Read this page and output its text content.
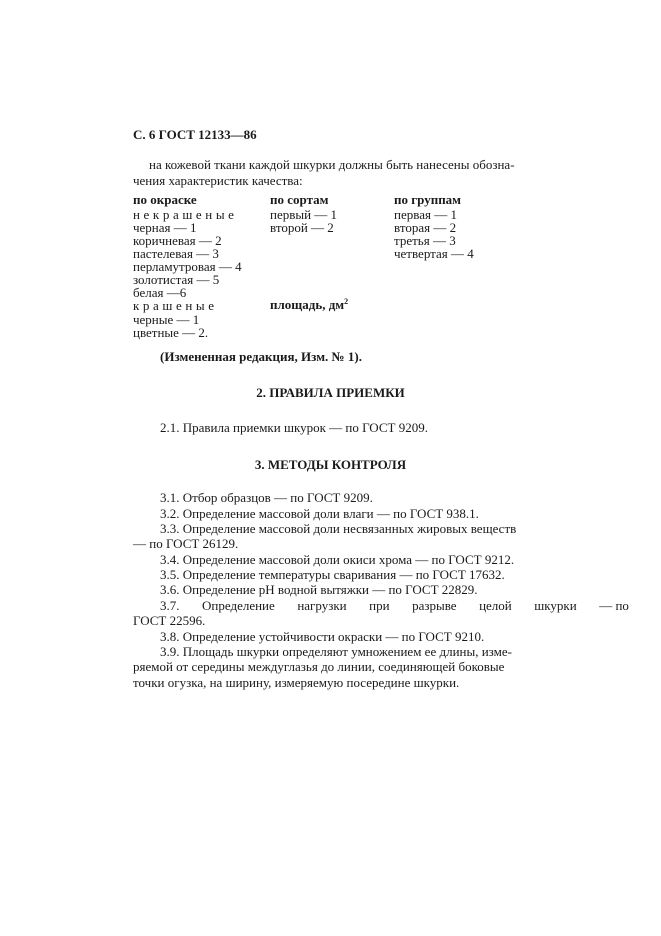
С. 6 ГОСТ 12133—86
на кожевой ткани каждой шкурки должны быть нанесены обозна-
чения характеристик качества:
по окраске
некрашеные
черная — 1
коричневая — 2
пастелевая — 3
перламутровая — 4
золотистая — 5
белая —6
крашеные
черные — 1
цветные — 2.
по сортам
первый — 1
второй — 2
площадь, $дм^2$
по группам
первая — 1
вторая — 2
третья — 3
четвертая — 4
(Измененная редакция, Изм. № 1).
2. ПРАВИЛА ПРИЕМКИ
2.1. Правила приемки шкурок — по ГОСТ 9209.
3. МЕТОДЫ КОНТРОЛЯ
3.1. Отбор образцов — по ГОСТ 9209.
3.2. Определение массовой доли влаги — по ГОСТ 938.1.
3.3. Определение массовой доли несвязанных жировых веществ
— по ГОСТ 26129.
3.4. Определение массовой доли окиси хрома — по ГОСТ 9212.
3.5. Определение температуры сваривания — по ГОСТ 17632.
3.6. Определение рН водной вытяжки — по ГОСТ 22829.
3.7. Определение нагрузки при разрыве целой шкурки — по
ГОСТ 22596.
3.8. Определение устойчивости окраски — по ГОСТ 9210.
3.9. Площадь шкурки определяют умножением ее длины, изме-
ряемой от середины междуглазья до линии, соединяющей боковые
точки огузка, на ширину, измеряемую посередине шкурки.
